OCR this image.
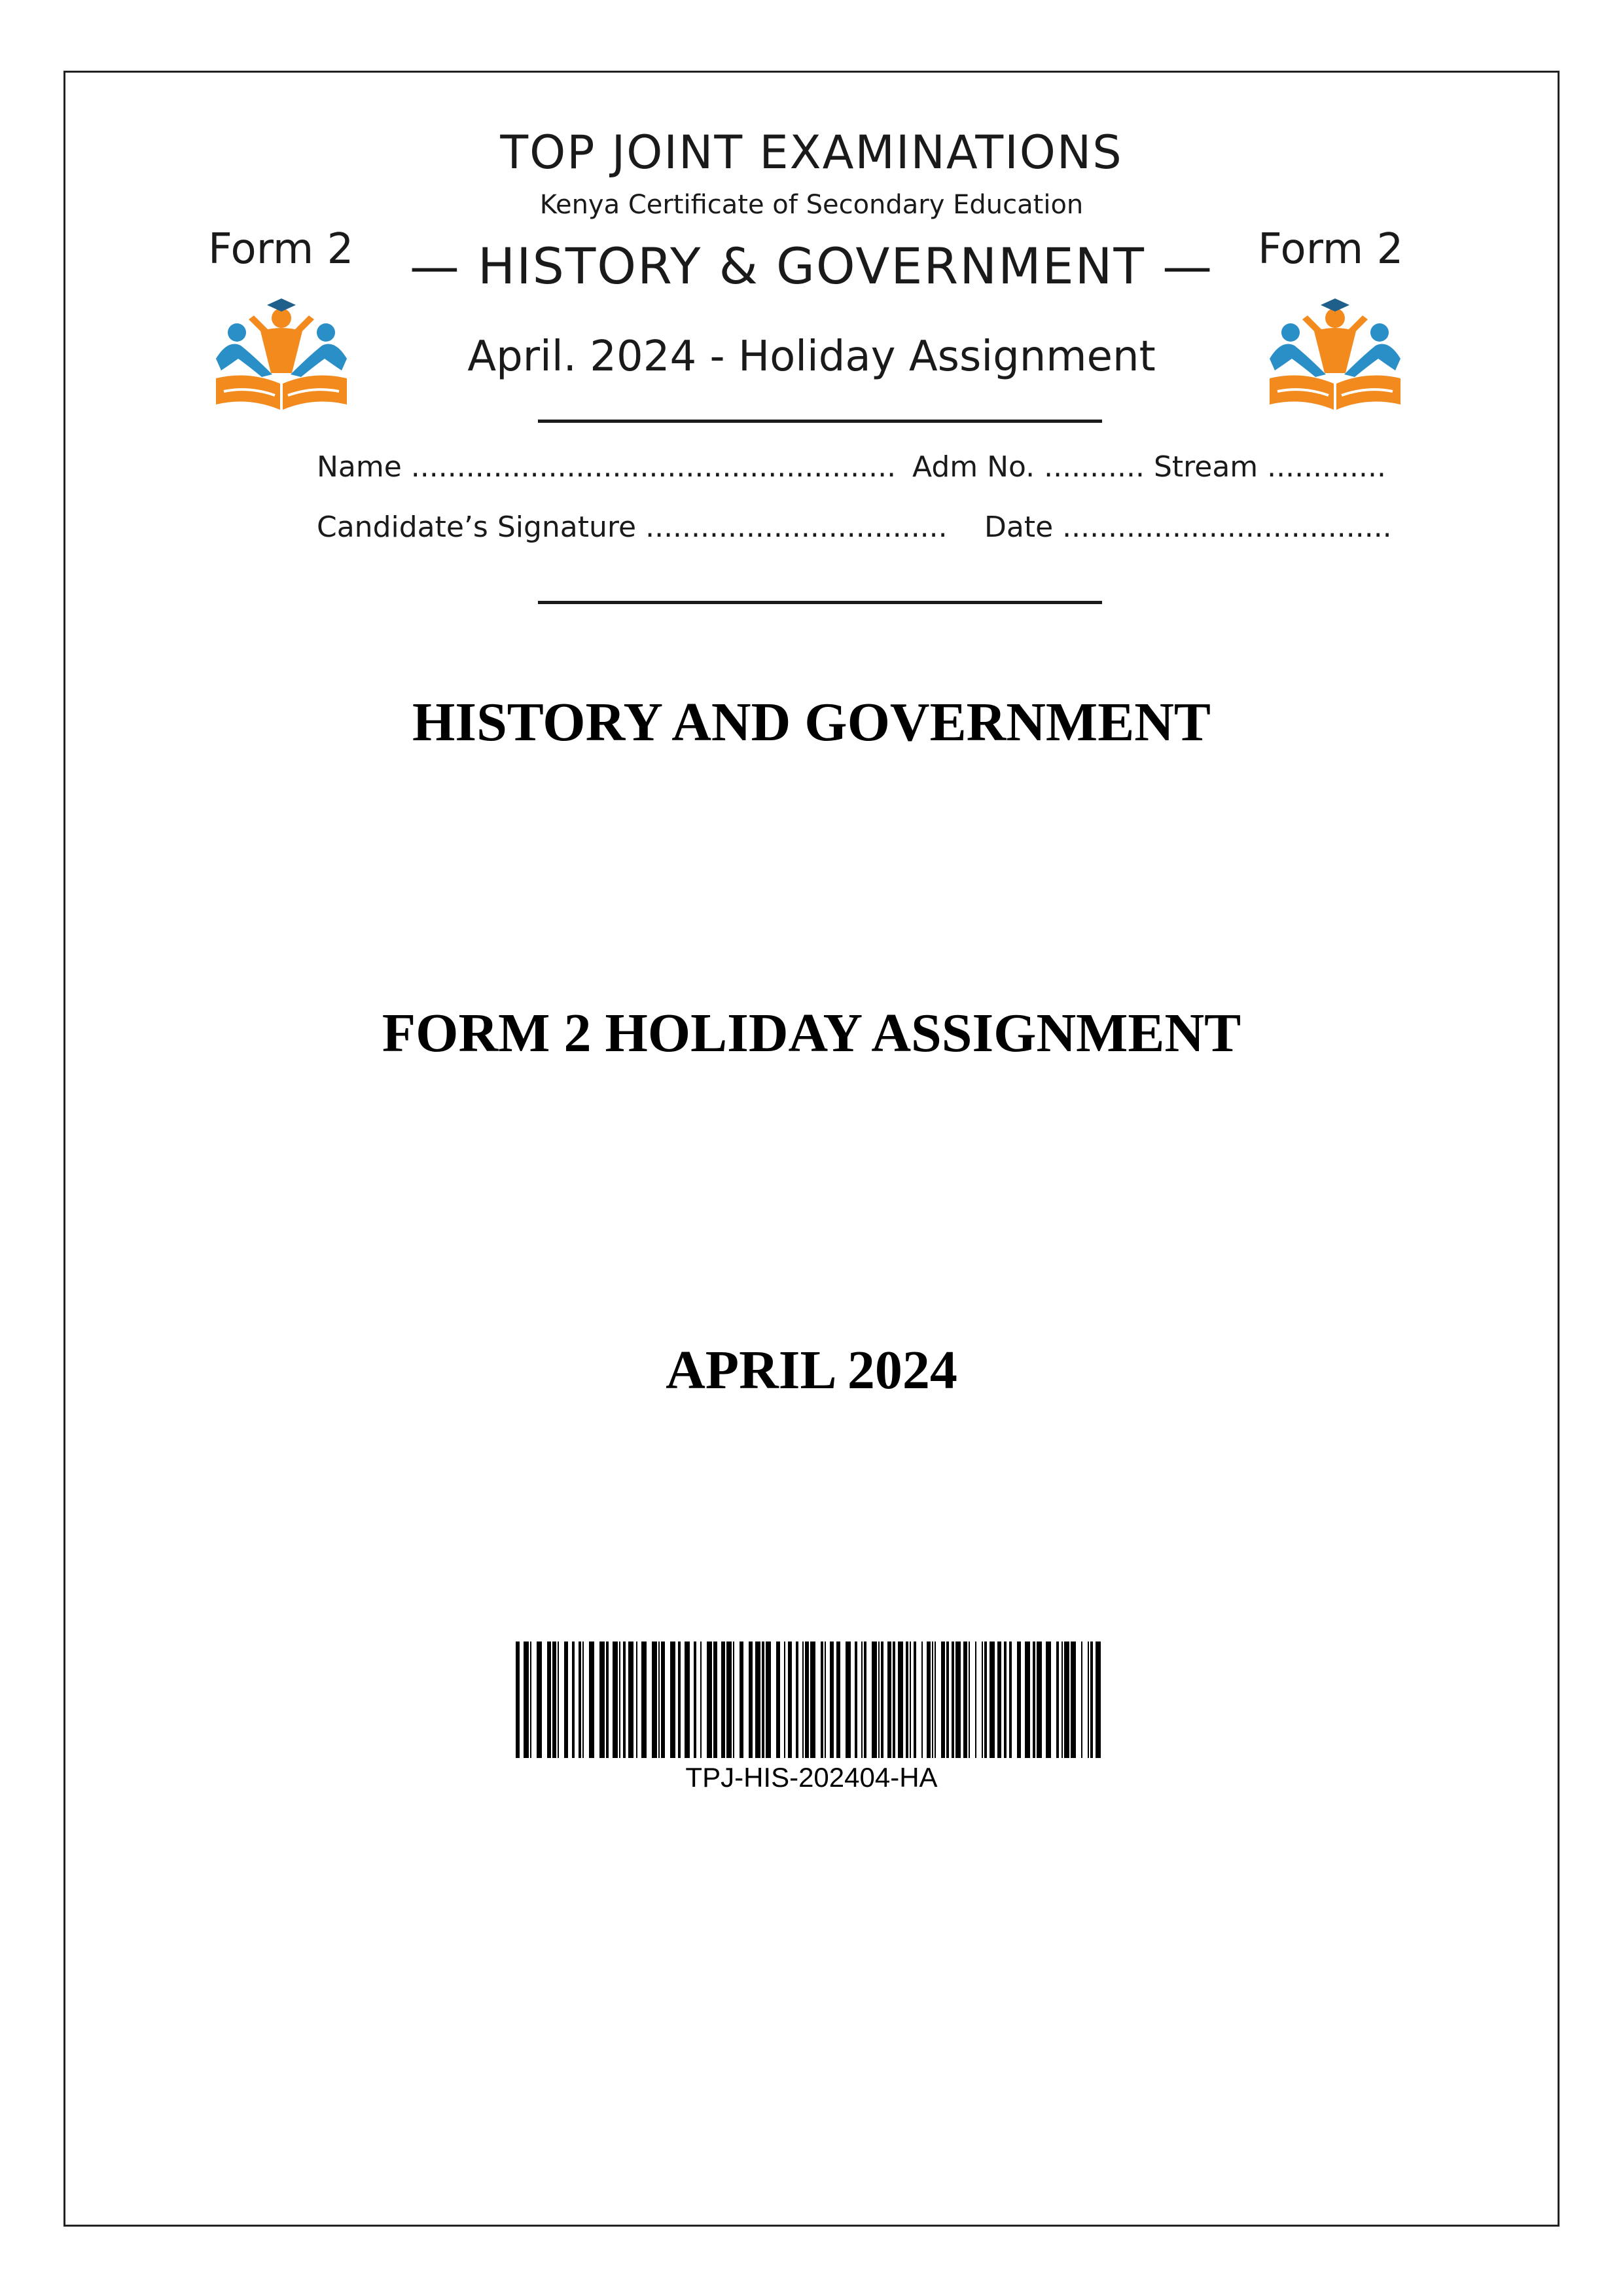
Form 2	Form 2
TOP JOINT EXAMINATIONS
Kenya Certificate of Secondary Education
— HISTORY & GOVERNMENT —
April. 2024 - Holiday Assignment
Name ..................................................... Adm No. ........... Stream .............
Candidate’s Signature ................................. Date ....................................
HISTORY AND GOVERNMENT
FORM 2 HOLIDAY ASSIGNMENT
APRIL 2024
TPJ-HIS-202404-HA
